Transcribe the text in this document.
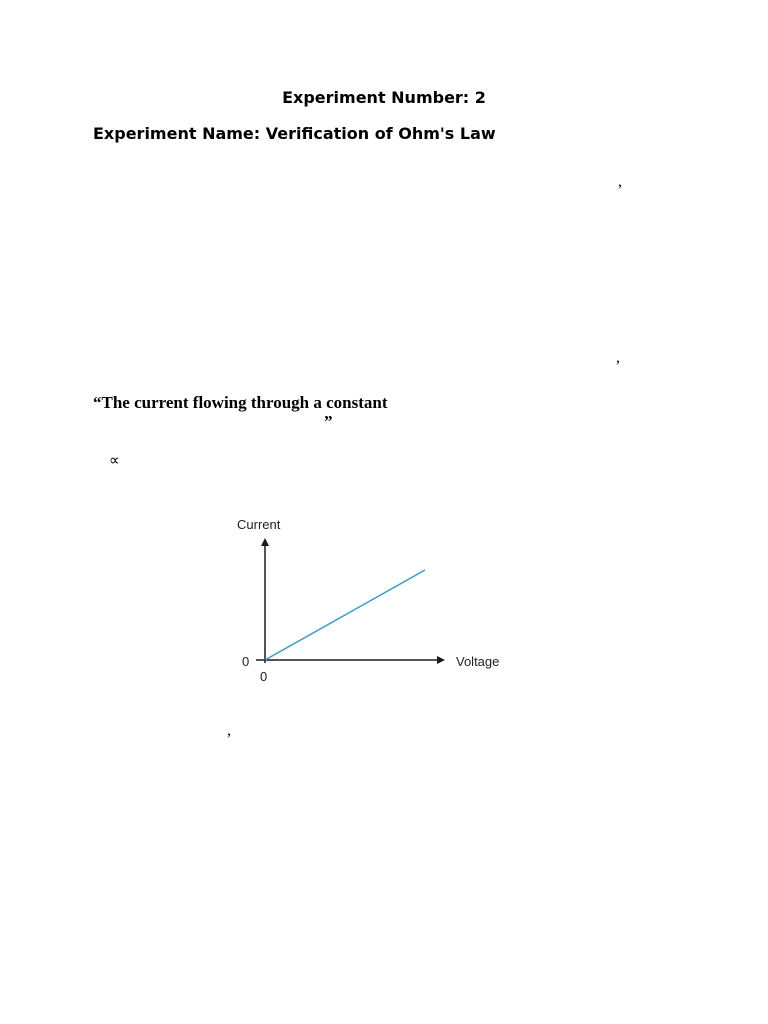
Experiment Number: 2
Experiment Name: Verification of Ohm's Law
,
,
“The current flowing through a constant
”
∝
Current
Voltage
0
0
,
